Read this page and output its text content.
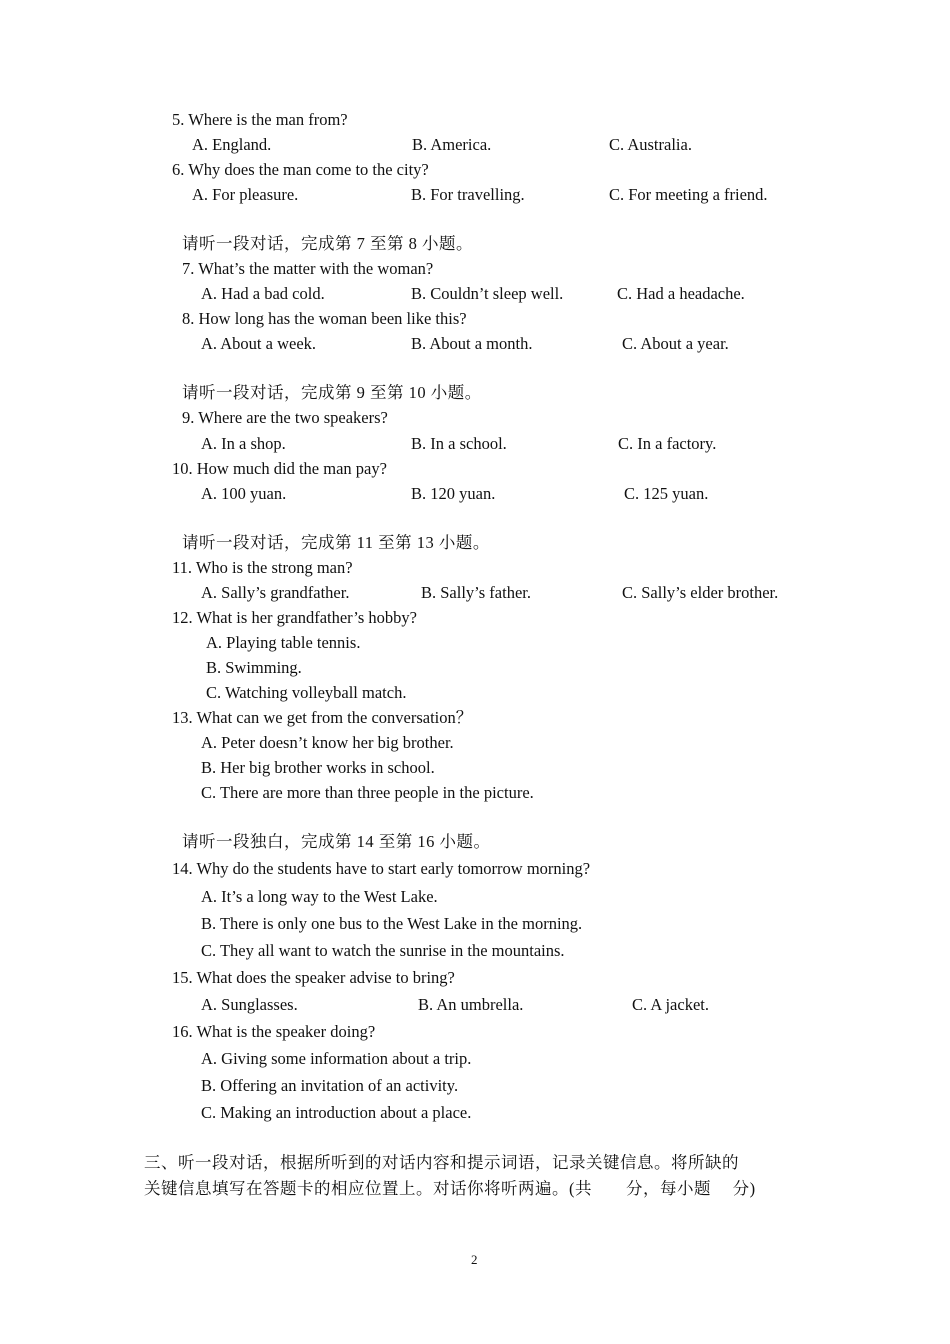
5. Where is the man from?
A. England.	B. America.	C. Australia.
6. Why does the man come to the city?
A. For pleasure.	B. For travelling.	C. For meeting a friend.
请听一段对话，完成第 7 至第 8 小题。
7. What’s the matter with the woman?
A. Had a bad cold.	B. Couldn’t sleep well.	C. Had a headache.
8. How long has the woman been like this?
A. About a week.	B. About a month.	C. About a year.
请听一段对话，完成第 9 至第 10 小题。
9. Where are the two speakers?
A. In a shop.	B. In a school.	C. In a factory.
10. How much did the man pay?
A. 100 yuan.	B. 120 yuan.	C. 125 yuan.
请听一段对话，完成第 11 至第 13 小题。
11. Who is the strong man?
A. Sally’s grandfather.	B. Sally’s father.	C. Sally’s elder brother.
12. What is her grandfather’s hobby?
A. Playing table tennis.
B. Swimming.
C. Watching volleyball match.
13. What can we get from the conversation？
A. Peter doesn’t know her big brother.
B. Her big brother works in school.
C. There are more than three people in the picture.
请听一段独白，完成第 14 至第 16 小题。
14. Why do the students have to start early tomorrow morning?
A. It’s a long way to the West Lake.
B. There is only one bus to the West Lake in the morning.
C. They all want to watch the sunrise in the mountains.
15. What does the speaker advise to bring?
A. Sunglasses.	B. An umbrella.	C. A jacket.
16. What is the speaker doing?
A. Giving some information about a trip.
B. Offering an invitation of an activity.
C. Making an introduction about a place.
三、听一段对话，根据所听到的对话内容和提示词语，记录关键信息。将所缺的
关键信息填写在答题卡的相应位置上。对话你将听两遍。(共　　分，每小题　 分)
2
